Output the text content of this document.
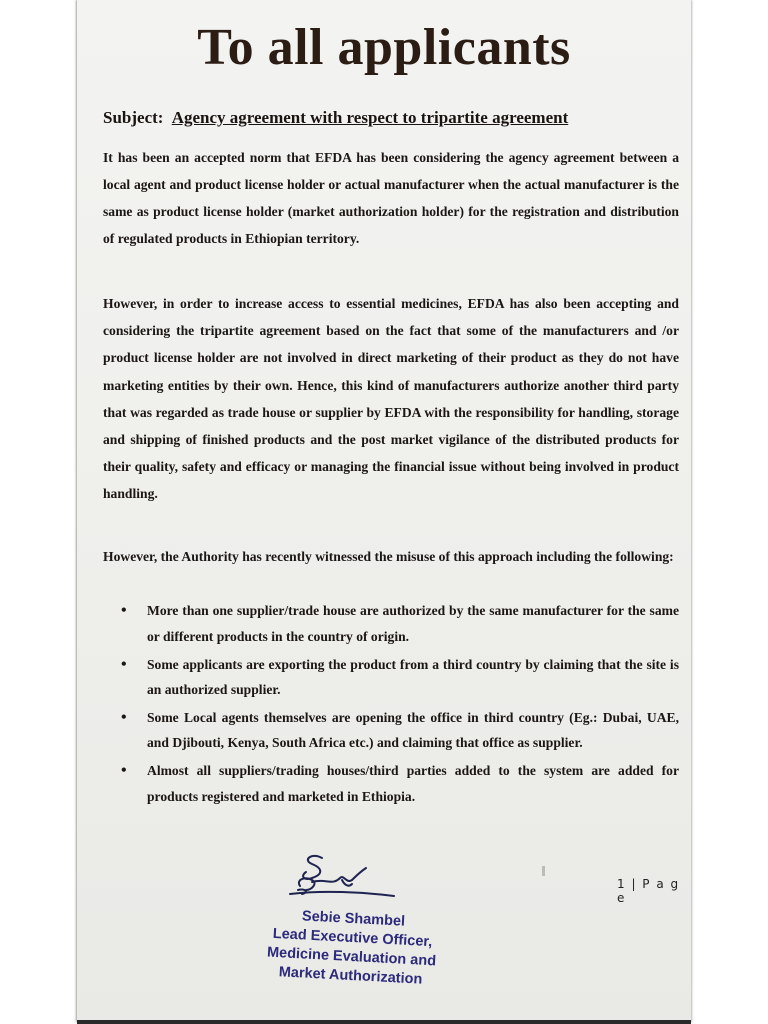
To all applicants
Subject: Agency agreement with respect to tripartite agreement
It has been an accepted norm that EFDA has been considering the agency agreement between a local agent and product license holder or actual manufacturer when the actual manufacturer is the same as product license holder (market authorization holder) for the registration and distribution of regulated products in Ethiopian territory.
However, in order to increase access to essential medicines, EFDA has also been accepting and considering the tripartite agreement based on the fact that some of the manufacturers and /or product license holder are not involved in direct marketing of their product as they do not have marketing entities by their own. Hence, this kind of manufacturers authorize another third party that was regarded as trade house or supplier by EFDA with the responsibility for handling, storage and shipping of finished products and the post market vigilance of the distributed products for their quality, safety and efficacy or managing the financial issue without being involved in product handling.
However, the Authority has recently witnessed the misuse of this approach including the following:
• More than one supplier/trade house are authorized by the same manufacturer for the same or different products in the country of origin.
• Some applicants are exporting the product from a third country by claiming that the site is an authorized supplier.
• Some Local agents themselves are opening the office in third country (Eg.: Dubai, UAE, and Djibouti, Kenya, South Africa etc.) and claiming that office as supplier.
• Almost all suppliers/trading houses/third parties added to the system are added for products registered and marketed in Ethiopia.
1 | P a g e
Sebie Shambel
Lead Executive Officer,
Medicine Evaluation and
Market Authorization
